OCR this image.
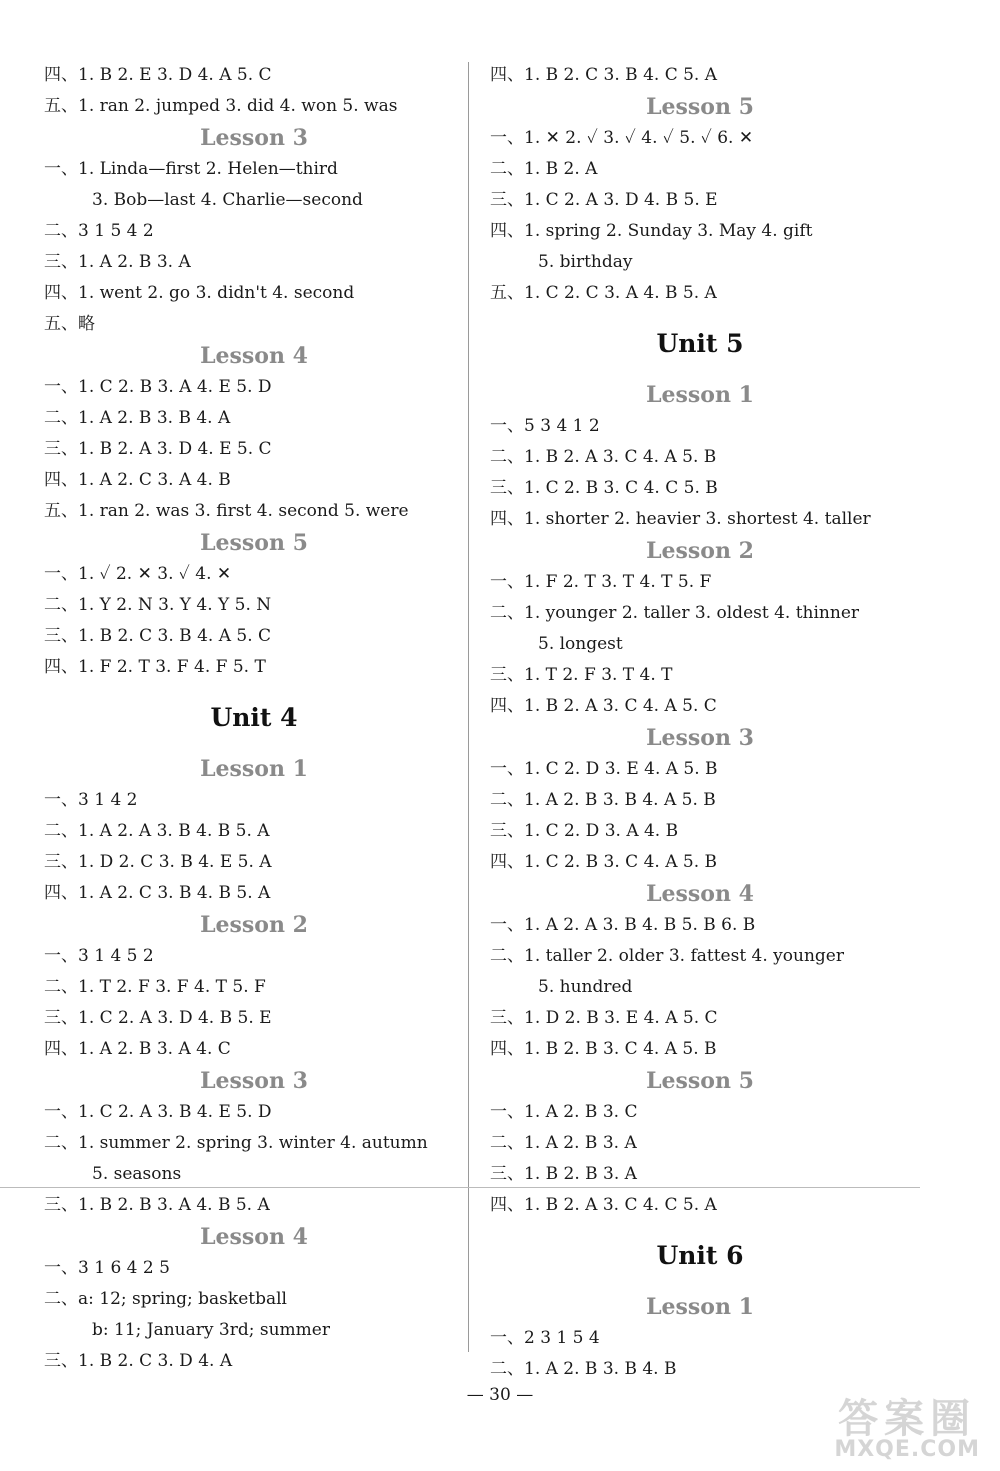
四、1. B 2. E 3. D 4. A 5. C
五、1. ran 2. jumped 3. did 4. won 5. was
Lesson 3
一、1. Linda—first 2. Helen—third
3. Bob—last 4. Charlie—second
二、3 1 5 4 2
三、1. A 2. B 3. A
四、1. went 2. go 3. didn't 4. second
五、略
Lesson 4
一、1. C 2. B 3. A 4. E 5. D
二、1. A 2. B 3. B 4. A
三、1. B 2. A 3. D 4. E 5. C
四、1. A 2. C 3. A 4. B
五、1. ran 2. was 3. first 4. second 5. were
Lesson 5
一、1. ✓ 2. ✕ 3. ✓ 4. ✕
二、1. Y 2. N 3. Y 4. Y 5. N
三、1. B 2. C 3. B 4. A 5. C
四、1. F 2. T 3. F 4. F 5. T
Unit 4
Lesson 1
一、3 1 4 2
二、1. A 2. A 3. B 4. B 5. A
三、1. D 2. C 3. B 4. E 5. A
四、1. A 2. C 3. B 4. B 5. A
Lesson 2
一、3 1 4 5 2
二、1. T 2. F 3. F 4. T 5. F
三、1. C 2. A 3. D 4. B 5. E
四、1. A 2. B 3. A 4. C
Lesson 3
一、1. C 2. A 3. B 4. E 5. D
二、1. summer 2. spring 3. winter 4. autumn
5. seasons
三、1. B 2. B 3. A 4. B 5. A
Lesson 4
一、3 1 6 4 2 5
二、a: 12; spring; basketball
b: 11; January 3rd; summer
三、1. B 2. C 3. D 4. A
四、1. B 2. C 3. B 4. C 5. A
Lesson 5
一、1. ✕ 2. ✓ 3. ✓ 4. ✓ 5. ✓ 6. ✕
二、1. B 2. A
三、1. C 2. A 3. D 4. B 5. E
四、1. spring 2. Sunday 3. May 4. gift
5. birthday
五、1. C 2. C 3. A 4. B 5. A
Unit 5
Lesson 1
一、5 3 4 1 2
二、1. B 2. A 3. C 4. A 5. B
三、1. C 2. B 3. C 4. C 5. B
四、1. shorter 2. heavier 3. shortest 4. taller
Lesson 2
一、1. F 2. T 3. T 4. T 5. F
二、1. younger 2. taller 3. oldest 4. thinner
5. longest
三、1. T 2. F 3. T 4. T
四、1. B 2. A 3. C 4. A 5. C
Lesson 3
一、1. C 2. D 3. E 4. A 5. B
二、1. A 2. B 3. B 4. A 5. B
三、1. C 2. D 3. A 4. B
四、1. C 2. B 3. C 4. A 5. B
Lesson 4
一、1. A 2. A 3. B 4. B 5. B 6. B
二、1. taller 2. older 3. fattest 4. younger
5. hundred
三、1. D 2. B 3. E 4. A 5. C
四、1. B 2. B 3. C 4. A 5. B
Lesson 5
一、1. A 2. B 3. C
二、1. A 2. B 3. A
三、1. B 2. B 3. A
四、1. B 2. A 3. C 4. C 5. A
Unit 6
Lesson 1
一、2 3 1 5 4
二、1. A 2. B 3. B 4. B
— 30 —
答案圈
MXQE.COM
